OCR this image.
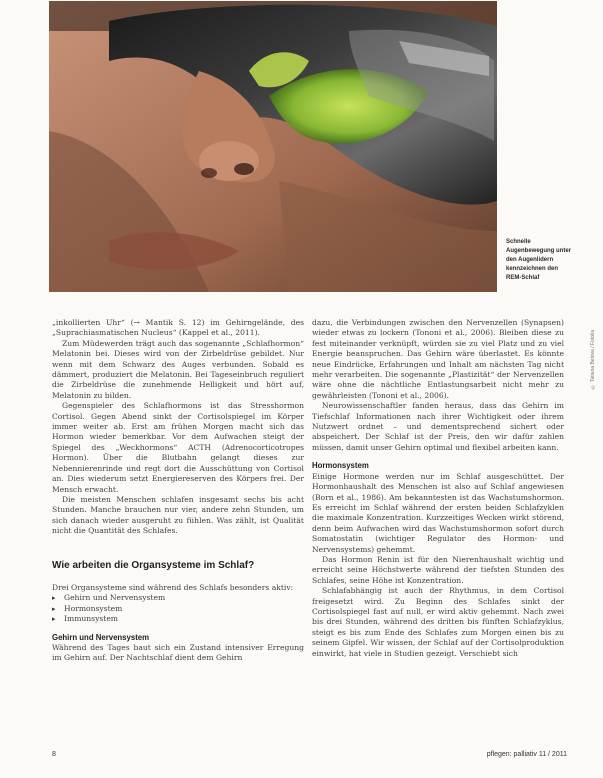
Schnelle Augenbewegung unter den Augenlidern kennzeichnen den REM-Schlaf
© Tatiana Belova / Fotolia

„inkollierten Uhr“ (→ Mantik S. 12) im Gehirngelände, des „Suprachiasmatischen Nucleus“ (Kappel et al., 2011).

Zum Müdewerden trägt auch das sogenannte „Schlafhormon“ Melatonin bei. Dieses wird von der Zirbeldrüse gebildet. Nur wenn mit dem Schwarz des Auges verbunden. Sobald es dämmert, produziert die Melatonin. Bei Tageseinbruch reguliert die Zirbeldrüse die zunehmende Helligkeit und hört auf, Melatonin zu bilden.

Gegenspieler des Schlafhormons ist das Stresshormon Cortisol. Gegen Abend sinkt der Cortisolspiegel im Körper immer weiter ab. Erst am frühen Morgen macht sich das Hormon wieder bemerkbar. Vor dem Aufwachen steigt der Spiegel des „Weckhormons“ ACTH (Adrenocorticotropes Hormon). Über die Blutbahn gelangt dieses zur Nebennierenrinde und regt dort die Ausschüttung von Cortisol an. Dies wiederum setzt Energiereserven des Körpers frei. Der Mensch erwacht.

Die meisten Menschen schlafen insgesamt sechs bis acht Stunden. Manche brauchen nur vier, andere zehn Stunden, um sich danach wieder ausgeruht zu fühlen. Was zählt, ist Qualität nicht die Quantität des Schlafes.

Wie arbeiten die Organsysteme im Schlaf?

Drei Organsysteme sind während des Schlafs besonders aktiv:

▸ Gehirn und Nervensystem
▸ Hormonsystem
▸ Immunsystem
Gehirn und Nervensystem

Während des Tages baut sich ein Zustand intensiver Erregung im Gehirn auf. Der Nachtschlaf dient dem Gehirn

dazu, die Verbindungen zwischen den Nervenzellen (Synapsen) wieder etwas zu lockern (Tononi et al., 2006). Bleiben diese zu fest miteinander verknüpft, würden sie zu viel Platz und zu viel Energie beanspruchen. Das Gehirn wäre überlastet. Es könnte neue Eindrücke, Erfahrungen und Inhalt am nächsten Tag nicht mehr verarbeiten. Die sogenannte „Plastizität“ der Nervenzellen wäre ohne die nächtliche Entlastungsarbeit nicht mehr zu gewährleisten (Tononi et al., 2006).

Neurowissenschaftler fanden heraus, dass das Gehirn im Tiefschlaf Informationen nach ihrer Wichtigkeit oder ihrem Nutzwert ordnet – und dementsprechend sichert oder abspeichert. Der Schlaf ist der Preis, den wir dafür zahlen müssen, damit unser Gehirn optimal und flexibel arbeiten kann.

Hormonsystem

Einige Hormone werden nur im Schlaf ausgeschüttet. Der Hormonhaushalt des Menschen ist also auf Schlaf angewiesen (Born et al., 1986). Am bekanntesten ist das Wachstumshormon. Es erreicht im Schlaf während der ersten beiden Schlafzyklen die maximale Konzentration. Kurzzeitiges Wecken wirkt störend, denn beim Aufwachen wird das Wachstumshormon sofort durch Somatostatin (wichtiger Regulator des Hormon- und Nervensystems) gehemmt.

Das Hormon Renin ist für den Nierenhaushalt wichtig und erreicht seine Höchstwerte während der tiefsten Stunden des Schlafes, seine Höhe ist Konzentration.

Schlafabhängig ist auch der Rhythmus, in dem Cortisol freigesetzt wird. Zu Beginn des Schlafes sinkt der Cortisolspiegel fast auf null, er wird aktiv gehemmt. Nach zwei bis drei Stunden, während des dritten bis fünften Schlafzyklus, steigt es bis zum Ende des Schlafes zum Morgen einen bis zu seinem Gipfel. Wir wissen, der Schlaf auf der Cortisolproduktion einwirkt, hat viele in Studien gezeigt. Verschiebt sich

8	pflegen: palliativ 11 / 2011
